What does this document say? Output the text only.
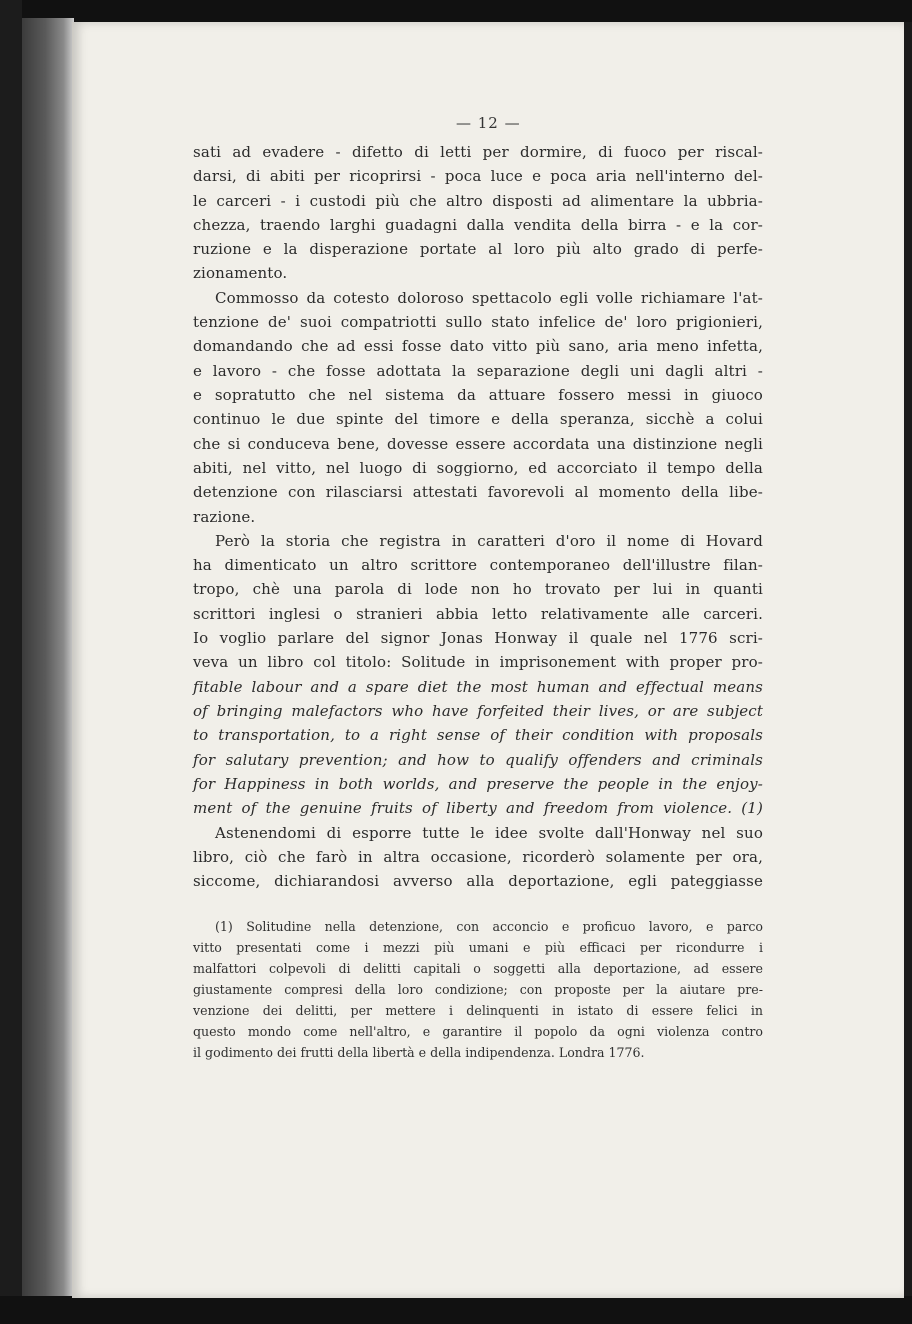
— 12 —
sati ad evadere - difetto di letti per dormire, di fuoco per riscal-
darsi, di abiti per ricoprirsi - poca luce e poca aria nell'interno del-
le carceri - i custodi più che altro disposti ad alimentare la ubbria-
chezza, traendo larghi guadagni dalla vendita della birra - e la cor-
ruzione e la disperazione portate al loro più alto grado di perfe-
zionamento.
Commosso da cotesto doloroso spettacolo egli volle richiamare l'at-
tenzione de' suoi compatriotti sullo stato infelice de' loro prigionieri,
domandando che ad essi fosse dato vitto più sano, aria meno infetta,
e lavoro - che fosse adottata la separazione degli uni dagli altri -
e sopratutto che nel sistema da attuare fossero messi in giuoco
continuo le due spinte del timore e della speranza, sicchè a colui
che si conduceva bene, dovesse essere accordata una distinzione negli
abiti, nel vitto, nel luogo di soggiorno, ed accorciato il tempo della
detenzione con rilasciarsi attestati favorevoli al momento della libe-
razione.
Però la storia che registra in caratteri d'oro il nome di Hovard
ha dimenticato un altro scrittore contemporaneo dell'illustre filan-
tropo, chè una parola di lode non ho trovato per lui in quanti
scrittori inglesi o stranieri abbia letto relativamente alle carceri.
Io voglio parlare del signor Jonas Honway il quale nel 1776 scri-
veva un libro col titolo: Solitude in imprisonement with proper pro-
fitable labour and a spare diet the most human and effectual means
of bringing malefactors who have forfeited their lives, or are subject
to transportation, to a right sense of their condition with proposals
for salutary prevention; and how to qualify offenders and criminals
for Happiness in both worlds, and preserve the people in the enjoy-
ment of the genuine fruits of liberty and freedom from violence. (1)
Astenendomi di esporre tutte le idee svolte dall'Honway nel suo
libro, ciò che farò in altra occasione, ricorderò solamente per ora,
siccome, dichiarandosi avverso alla deportazione, egli pateggiasse
(1) Solitudine nella detenzione, con acconcio e proficuo lavoro, e parco
vitto presentati come i mezzi più umani e più efficaci per ricondurre i
malfattori colpevoli di delitti capitali o soggetti alla deportazione, ad essere
giustamente compresi della loro condizione; con proposte per la aiutare pre-
venzione dei delitti, per mettere i delinquenti in istato di essere felici in
questo mondo come nell'altro, e garantire il popolo da ogni violenza contro
il godimento dei frutti della libertà e della indipendenza. Londra 1776.
